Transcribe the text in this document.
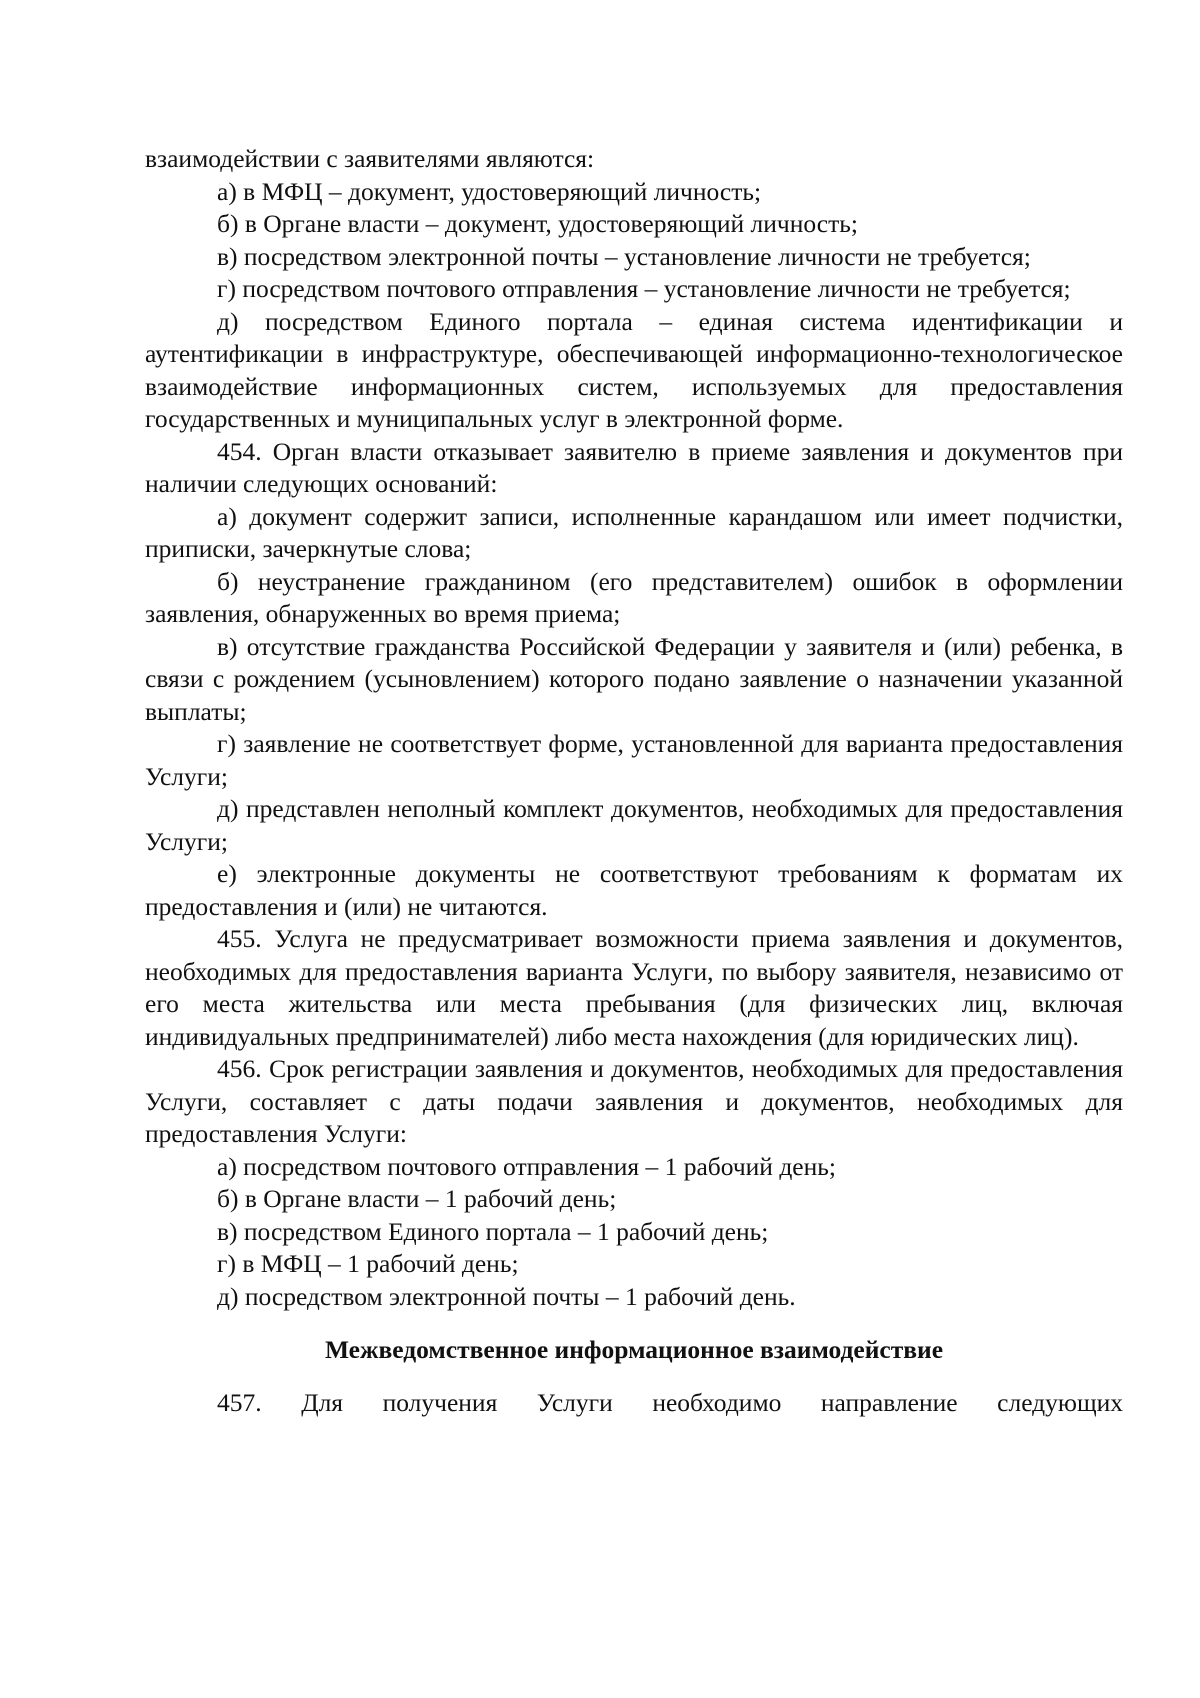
взаимодействии с заявителями являются:

а) в МФЦ – документ, удостоверяющий личность;

б) в Органе власти – документ, удостоверяющий личность;

в) посредством электронной почты – установление личности не требуется;

г) посредством почтового отправления – установление личности не требуется;

д) посредством Единого портала – единая система идентификации и аутентификации в инфраструктуре, обеспечивающей информационно-технологическое взаимодействие информационных систем, используемых для предоставления государственных и муниципальных услуг в электронной форме.

454. Орган власти отказывает заявителю в приеме заявления и документов при наличии следующих оснований:

а) документ содержит записи, исполненные карандашом или имеет подчистки, приписки, зачеркнутые слова;

б) неустранение гражданином (его представителем) ошибок в оформлении заявления, обнаруженных во время приема;

в) отсутствие гражданства Российской Федерации у заявителя и (или) ребенка, в связи с рождением (усыновлением) которого подано заявление о назначении указанной выплаты;

г) заявление не соответствует форме, установленной для варианта предоставления Услуги;

д) представлен неполный комплект документов, необходимых для предоставления Услуги;

е) электронные документы не соответствуют требованиям к форматам их предоставления и (или) не читаются.

455. Услуга не предусматривает возможности приема заявления и документов, необходимых для предоставления варианта Услуги, по выбору заявителя, независимо от его места жительства или места пребывания (для физических лиц, включая индивидуальных предпринимателей) либо места нахождения (для юридических лиц).

456. Срок регистрации заявления и документов, необходимых для предоставления Услуги, составляет с даты подачи заявления и документов, необходимых для предоставления Услуги:

а) посредством почтового отправления – 1 рабочий день;

б) в Органе власти – 1 рабочий день;

в) посредством Единого портала – 1 рабочий день;

г) в МФЦ – 1 рабочий день;

д) посредством электронной почты – 1 рабочий день.

Межведомственное информационное взаимодействие

457. Для получения Услуги необходимо направление следующих
